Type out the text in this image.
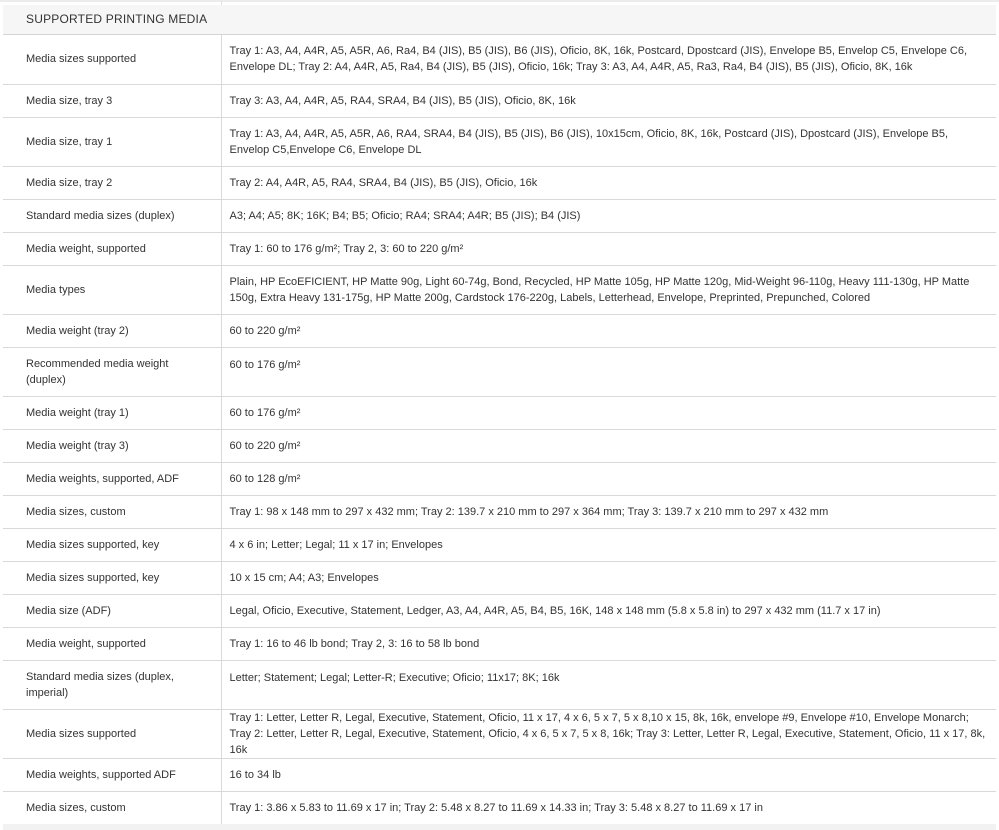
SUPPORTED PRINTING MEDIA
Media sizes supported	Tray 1: A3, A4, A4R, A5, A5R, A6, Ra4, B4 (JIS), B5 (JIS), B6 (JIS), Oficio, 8K, 16k, Postcard, Dpostcard (JIS), Envelope B5, Envelop C5, Envelope C6, Envelope DL; Tray 2: A4, A4R, A5, Ra4, B4 (JIS), B5 (JIS), Oficio, 16k; Tray 3: A3, A4, A4R, A5, Ra3, Ra4, B4 (JIS), B5 (JIS), Oficio, 8K, 16k
Media size, tray 3	Tray 3: A3, A4, A4R, A5, RA4, SRA4, B4 (JIS), B5 (JIS), Oficio, 8K, 16k
Media size, tray 1	Tray 1: A3, A4, A4R, A5, A5R, A6, RA4, SRA4, B4 (JIS), B5 (JIS), B6 (JIS), 10x15cm, Oficio, 8K, 16k, Postcard (JIS), Dpostcard (JIS), Envelope B5, Envelop C5,Envelope C6, Envelope DL
Media size, tray 2	Tray 2: A4, A4R, A5, RA4, SRA4, B4 (JIS), B5 (JIS), Oficio, 16k
Standard media sizes (duplex)	A3; A4; A5; 8K; 16K; B4; B5; Oficio; RA4; SRA4; A4R; B5 (JIS); B4 (JIS)
Media weight, supported	Tray 1: 60 to 176 g/m²; Tray 2, 3: 60 to 220 g/m²
Media types	Plain, HP EcoEFICIENT, HP Matte 90g, Light 60-74g, Bond, Recycled, HP Matte 105g, HP Matte 120g, Mid-Weight 96-110g, Heavy 111-130g, HP Matte 150g, Extra Heavy 131-175g, HP Matte 200g, Cardstock 176-220g, Labels, Letterhead, Envelope, Preprinted, Prepunched, Colored
Media weight (tray 2)	60 to 220 g/m²
Recommended media weight (duplex)	60 to 176 g/m²
Media weight (tray 1)	60 to 176 g/m²
Media weight (tray 3)	60 to 220 g/m²
Media weights, supported, ADF	60 to 128 g/m²
Media sizes, custom	Tray 1: 98 x 148 mm to 297 x 432 mm; Tray 2: 139.7 x 210 mm to 297 x 364 mm; Tray 3: 139.7 x 210 mm to 297 x 432 mm
Media sizes supported, key	4 x 6 in; Letter; Legal; 11 x 17 in; Envelopes
Media sizes supported, key	10 x 15 cm; A4; A3; Envelopes
Media size (ADF)	Legal, Oficio, Executive, Statement, Ledger, A3, A4, A4R, A5, B4, B5, 16K, 148 x 148 mm (5.8 x 5.8 in) to 297 x 432 mm (11.7 x 17 in)
Media weight, supported	Tray 1: 16 to 46 lb bond; Tray 2, 3: 16 to 58 lb bond
Standard media sizes (duplex, imperial)	Letter; Statement; Legal; Letter-R; Executive; Oficio; 11x17; 8K; 16k
Media sizes supported	Tray 1: Letter, Letter R, Legal, Executive, Statement, Oficio, 11 x 17, 4 x 6, 5 x 7, 5 x 8,10 x 15, 8k, 16k, envelope #9, Envelope #10, Envelope Monarch; Tray 2: Letter, Letter R, Legal, Executive, Statement, Oficio, 4 x 6, 5 x 7, 5 x 8, 16k; Tray 3: Letter, Letter R, Legal, Executive, Statement, Oficio, 11 x 17, 8k, 16k
Media weights, supported ADF	16 to 34 lb
Media sizes, custom	Tray 1: 3.86 x 5.83 to 11.69 x 17 in; Tray 2: 5.48 x 8.27 to 11.69 x 14.33 in; Tray 3: 5.48 x 8.27 to 11.69 x 17 in
